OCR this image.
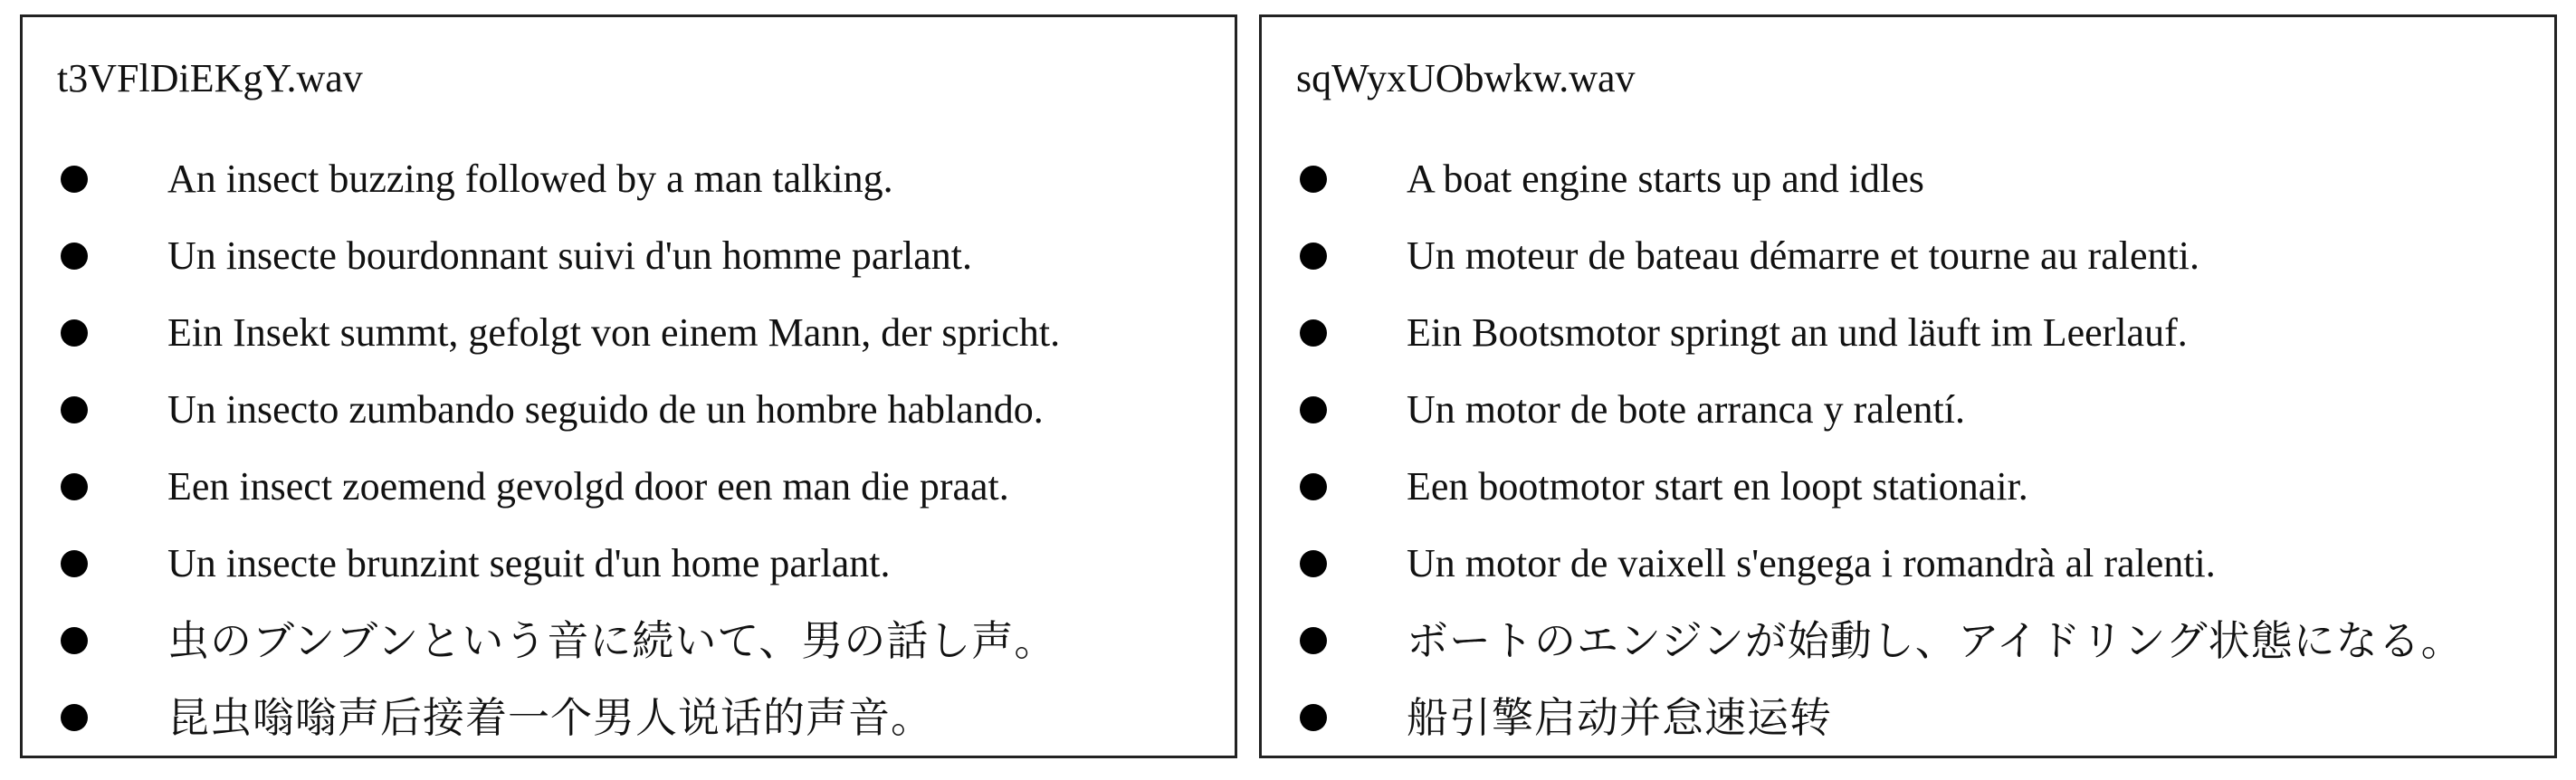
t3VFlDiEKgY.wav
An insect buzzing followed by a man talking.
Un insecte bourdonnant suivi d'un homme parlant.
Ein Insekt summt, gefolgt von einem Mann, der spricht.
Un insecto zumbando seguido de un hombre hablando.
Een insect zoemend gevolgd door een man die praat.
Un insecte brunzint seguit d'un home parlant.
虫のブンブンという音に続いて、男の話し声。
昆虫嗡嗡声后接着一个男人说话的声音。
sqWyxUObwkw.wav
A boat engine starts up and idles
Un moteur de bateau démarre et tourne au ralenti.
Ein Bootsmotor springt an und läuft im Leerlauf.
Un motor de bote arranca y ralentí.
Een bootmotor start en loopt stationair.
Un motor de vaixell s'engega i romandrà al ralenti.
ボートのエンジンが始動し、アイドリング状態になる。
船引擎启动并怠速运转
